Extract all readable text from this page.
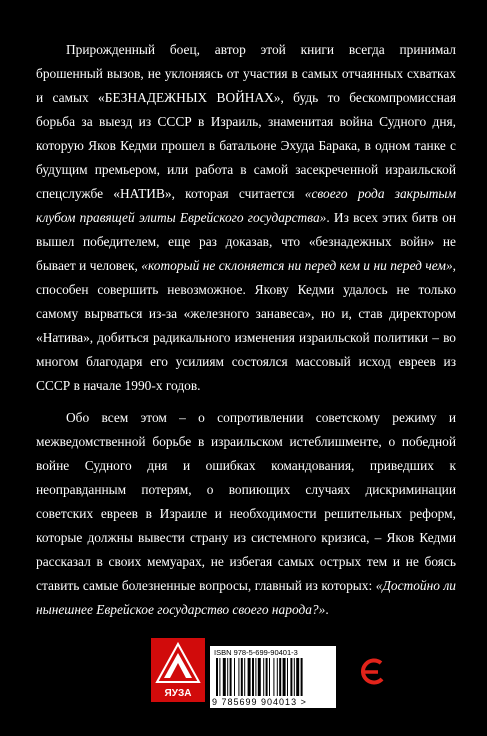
Прирожденный боец, автор этой книги всегда принимал брошенный вызов, не уклоняясь от участия в самых отчаянных схватках и самых «БЕЗНАДЕЖНЫХ ВОЙНАХ», будь то бескомпромиссная борьба за выезд из СССР в Израиль, знаменитая война Судного дня, которую Яков Кедми прошел в батальоне Эхуда Барака, в одном танке с будущим премьером, или работа в самой засекреченной израильской спецслужбе «НАТИВ», которая считается «своего рода закрытым клубом правящей элиты Еврейского государства». Из всех этих битв он вышел победителем, еще раз доказав, что «безнадежных войн» не бывает и человек, «который не склоняется ни перед кем и ни перед чем», способен совершить невозможное. Якову Кедми удалось не только самому вырваться из-за «железного занавеса», но и, став директором «Натива», добиться радикального изменения израильской политики – во многом благодаря его усилиям состоялся массовый исход евреев из СССР в начале 1990-х годов.

Обо всем этом – о сопротивлении советскому режиму и межведомственной борьбе в израильском истеблишменте, о победной войне Судного дня и ошибках командования, приведших к неоправданным потерям, о вопиющих случаях дискриминации советских евреев в Израиле и необходимости решительных реформ, которые должны вывести страну из системного кризиса, – Яков Кедми рассказал в своих мемуарах, не избегая самых острых тем и не боясь ставить самые болезненные вопросы, главный из которых: «Достойно ли нынешнее Еврейское государство своего народа?».

ЯУЗА
ISBN 978-5-699-90401-3
9 785699 904013 >
